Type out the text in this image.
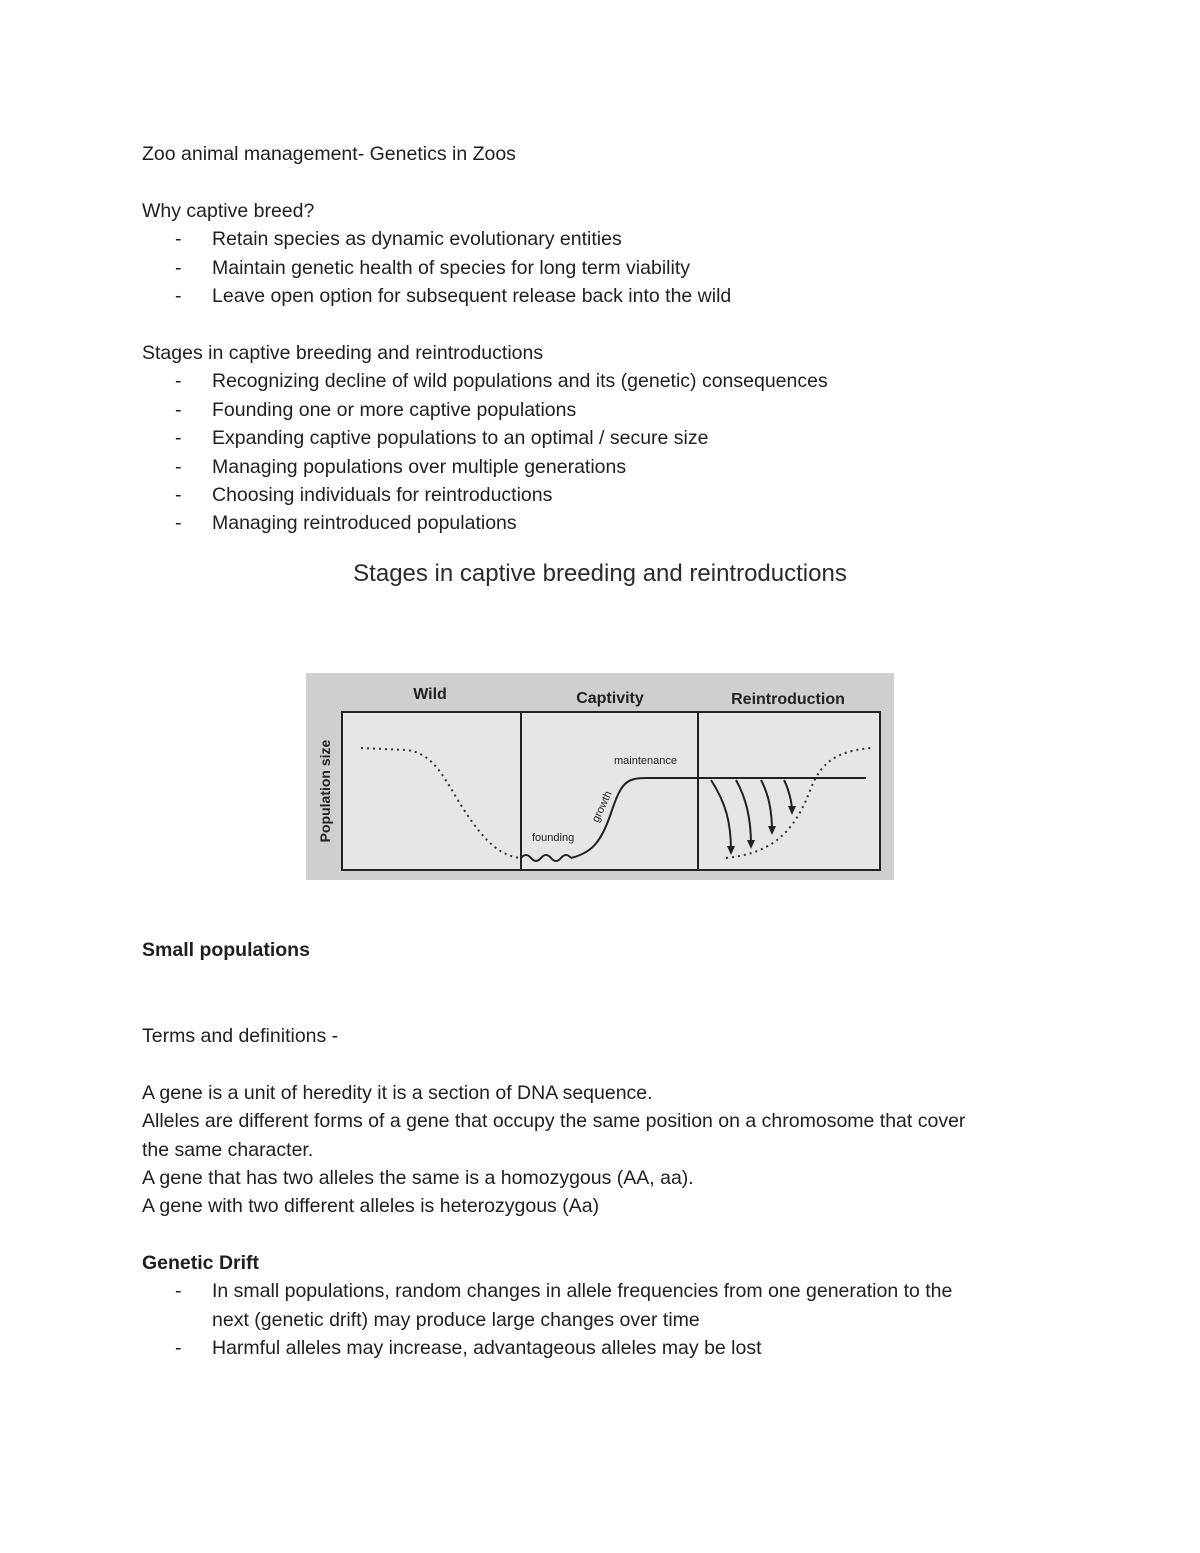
Zoo animal management- Genetics in Zoos
Why captive breed?
- Retain species as dynamic evolutionary entities
- Maintain genetic health of species for long term viability
- Leave open option for subsequent release back into the wild
Stages in captive breeding and reintroductions
- Recognizing decline of wild populations and its (genetic) consequences
- Founding one or more captive populations
- Expanding captive populations to an optimal / secure size
- Managing populations over multiple generations
- Choosing individuals for reintroductions
- Managing reintroduced populations
Stages in captive breeding and reintroductions
Wild	Captivity	Reintroduction
Population size	founding
growth
maintenance
Small populations
Terms and definitions -
A gene is a unit of heredity it is a section of DNA sequence.
Alleles are different forms of a gene that occupy the same position on a chromosome that cover
the same character.
A gene that has two alleles the same is a homozygous (AA, aa).
A gene with two different alleles is heterozygous (Aa)
Genetic Drift
- In small populations, random changes in allele frequencies from one generation to the
next (genetic drift) may produce large changes over time
- Harmful alleles may increase, advantageous alleles may be lost
